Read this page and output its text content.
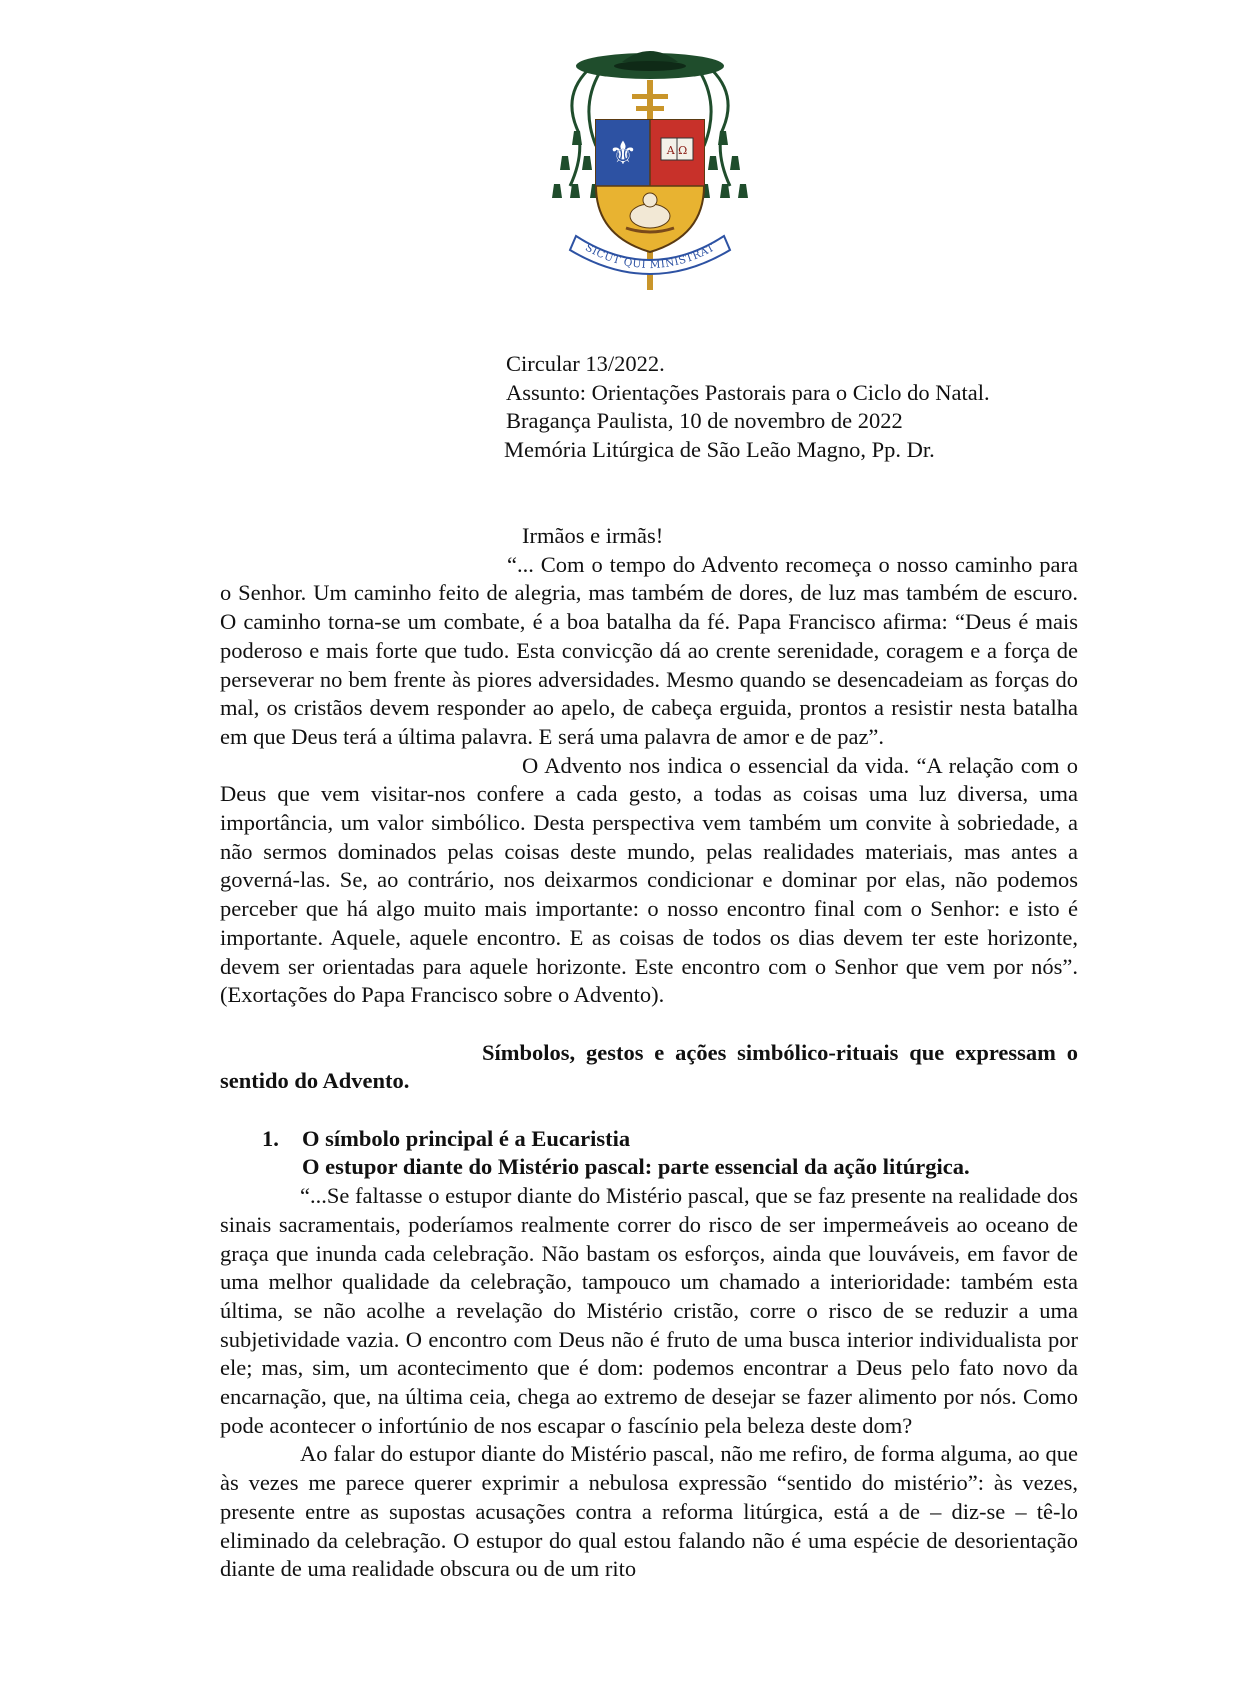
⚜	A Ω
SICUT QUI MINISTRAT
Circular 13/2022.
Assunto: Orientações Pastorais para o Ciclo do Natal.
Bragança Paulista, 10 de novembro de 2022
Memória Litúrgica de São Leão Magno, Pp. Dr.

Irmãos e irmãs!

“... Com o tempo do Advento recomeça o nosso caminho para o Senhor. Um caminho feito de alegria, mas também de dores, de luz mas também de escuro. O caminho torna-se um combate, é a boa batalha da fé. Papa Francisco afirma: “Deus é mais poderoso e mais forte que tudo. Esta convicção dá ao crente serenidade, coragem e a força de perseverar no bem frente às piores adversidades. Mesmo quando se desencadeiam as forças do mal, os cristãos devem responder ao apelo, de cabeça erguida, prontos a resistir nesta batalha em que Deus terá a última palavra. E será uma palavra de amor e de paz”.

O Advento nos indica o essencial da vida. “A relação com o Deus que vem visitar-nos confere a cada gesto, a todas as coisas uma luz diversa, uma importância, um valor simbólico. Desta perspectiva vem também um convite à sobriedade, a não sermos dominados pelas coisas deste mundo, pelas realidades materiais, mas antes a governá-las. Se, ao contrário, nos deixarmos condicionar e dominar por elas, não podemos perceber que há algo muito mais importante: o nosso encontro final com o Senhor: e isto é importante. Aquele, aquele encontro. E as coisas de todos os dias devem ter este horizonte, devem ser orientadas para aquele horizonte. Este encontro com o Senhor que vem por nós”. (Exortações do Papa Francisco sobre o Advento).

Símbolos, gestos e ações simbólico-rituais que expressam o sentido do Advento.

1. O símbolo principal é a Eucaristia
O estupor diante do Mistério pascal: parte essencial da ação litúrgica.

“...Se faltasse o estupor diante do Mistério pascal, que se faz presente na realidade dos sinais sacramentais, poderíamos realmente correr do risco de ser impermeáveis ao oceano de graça que inunda cada celebração. Não bastam os esforços, ainda que louváveis, em favor de uma melhor qualidade da celebração, tampouco um chamado a interioridade: também esta última, se não acolhe a revelação do Mistério cristão, corre o risco de se reduzir a uma subjetividade vazia. O encontro com Deus não é fruto de uma busca interior individualista por ele; mas, sim, um acontecimento que é dom: podemos encontrar a Deus pelo fato novo da encarnação, que, na última ceia, chega ao extremo de desejar se fazer alimento por nós. Como pode acontecer o infortúnio de nos escapar o fascínio pela beleza deste dom?

Ao falar do estupor diante do Mistério pascal, não me refiro, de forma alguma, ao que às vezes me parece querer exprimir a nebulosa expressão “sentido do mistério”: às vezes, presente entre as supostas acusações contra a reforma litúrgica, está a de – diz-se – tê-lo eliminado da celebração. O estupor do qual estou falando não é uma espécie de desorientação diante de uma realidade obscura ou de um rito
